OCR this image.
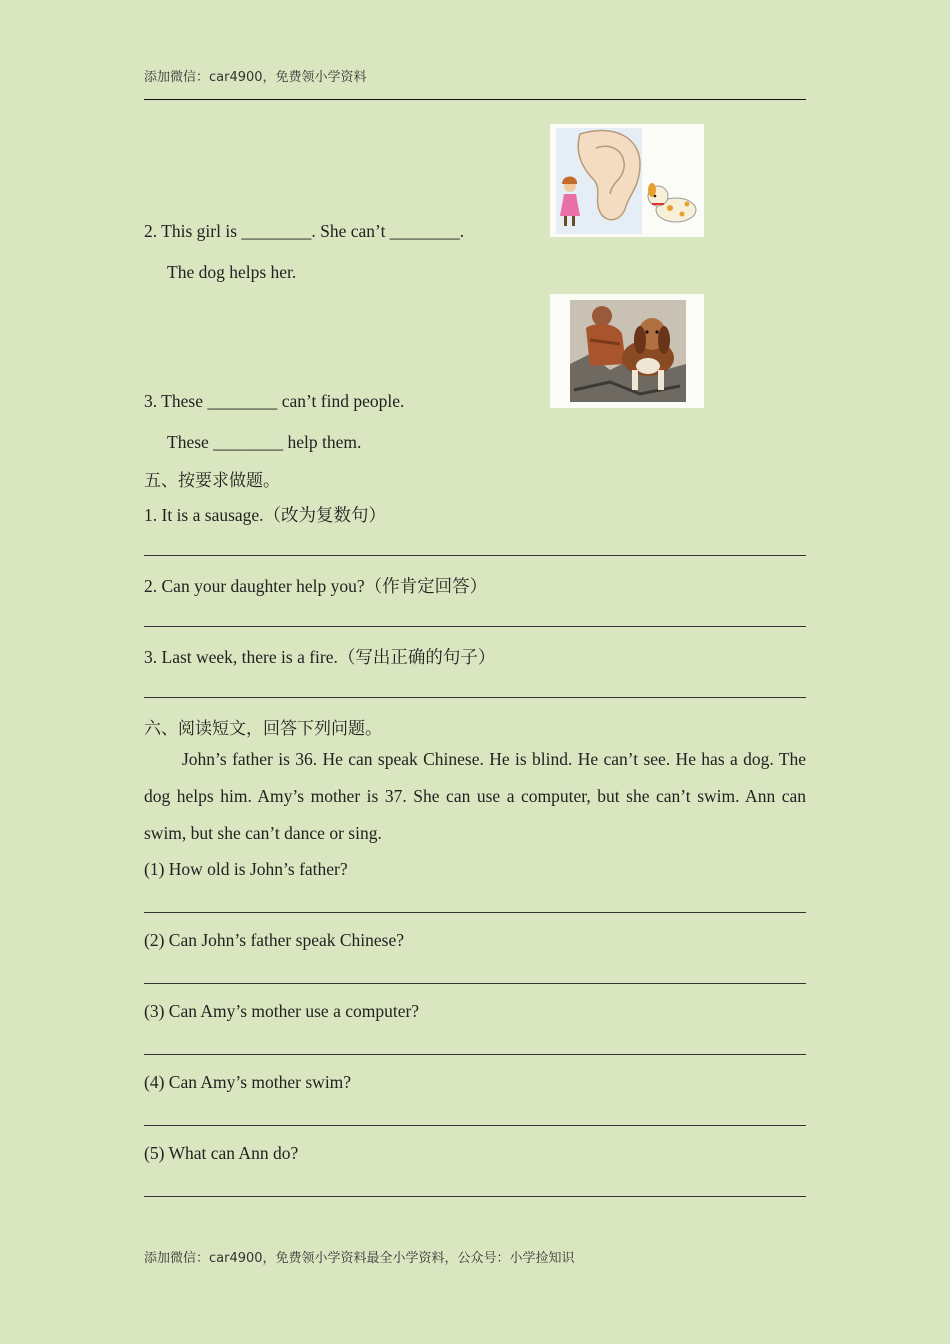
添加微信：car4900，免费领小学资料
2. This girl is ________. She can’t ________.
The dog helps her.
3. These ________ can’t find people.
These ________ help them.
五、按要求做题。
1. It is a sausage.（改为复数句）
2. Can your daughter help you?（作肯定回答）
3. Last week, there is a fire.（写出正确的句子）
六、阅读短文，回答下列问题。
John’s father is 36. He can speak Chinese. He is blind. He can’t see. He has a dog. The dog helps him. Amy’s mother is 37. She can use a computer, but she can’t swim. Ann can swim, but she can’t dance or sing.
(1) How old is John’s father?
(2) Can John’s father speak Chinese?
(3) Can Amy’s mother use a computer?
(4) Can Amy’s mother swim?
(5) What can Ann do?
添加微信：car4900，免费领小学资料最全小学资料，公众号：小学捡知识
